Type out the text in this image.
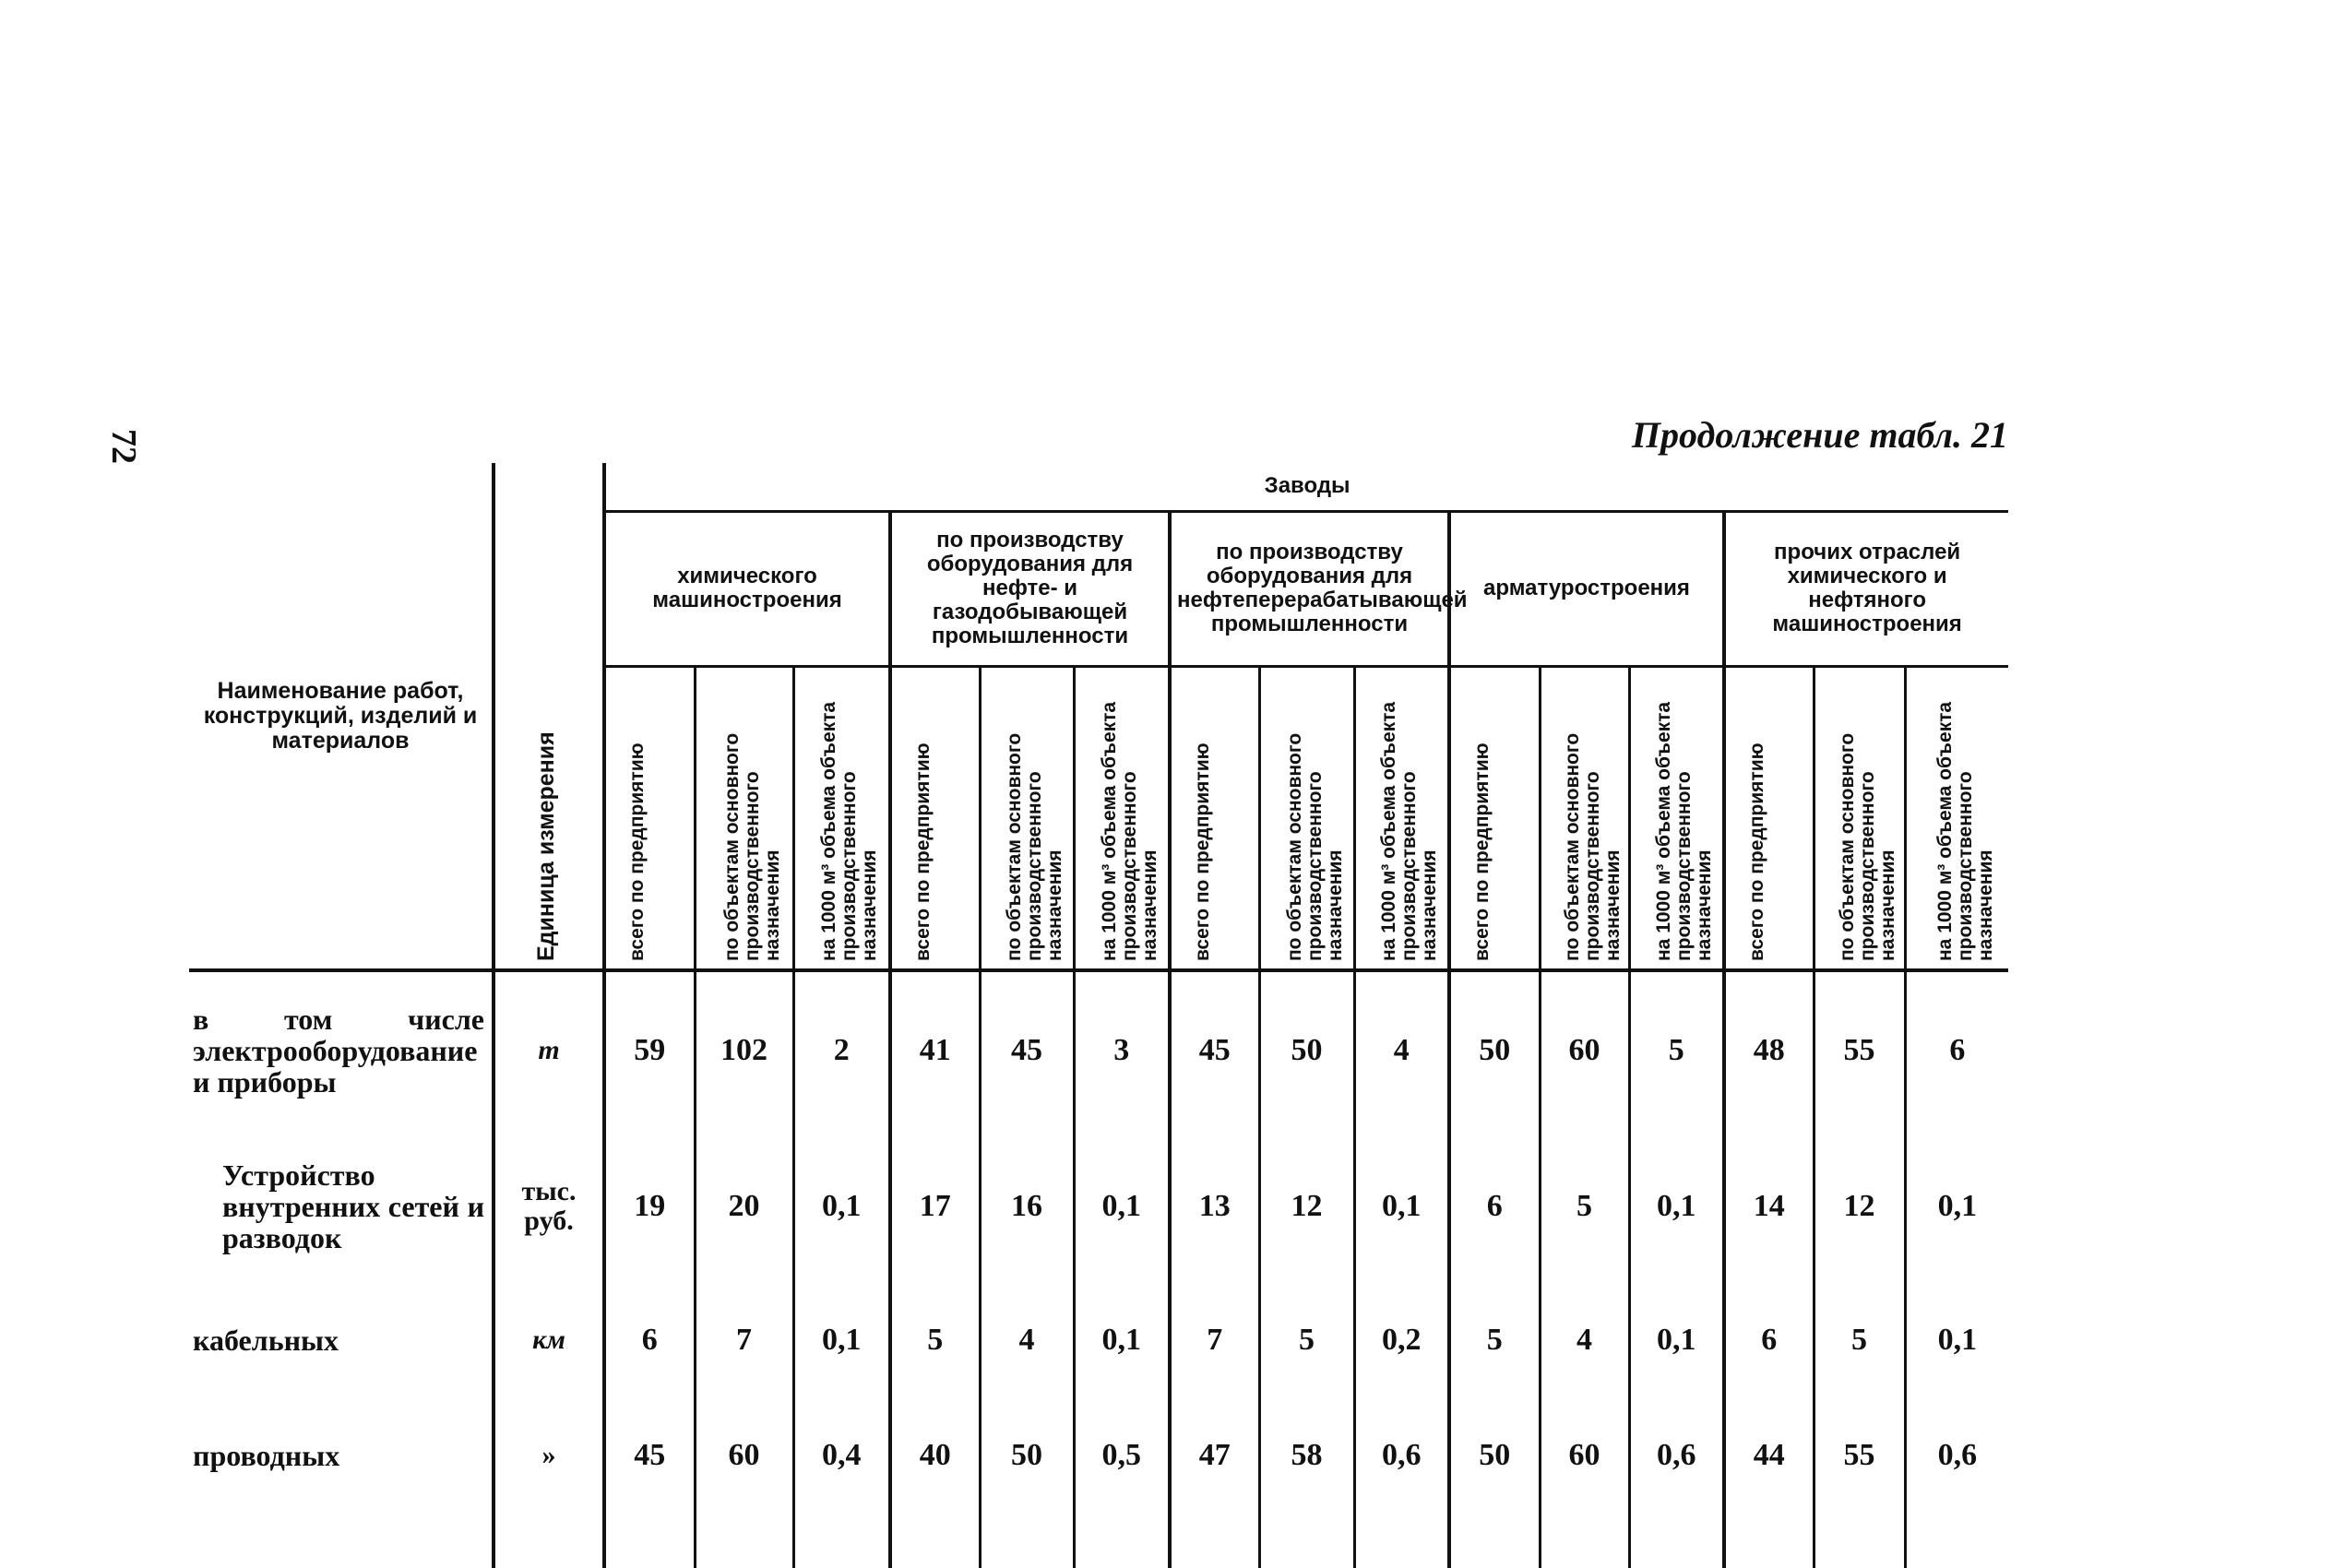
72	Продолжение табл. 21
Наименование работ, конструкций, изделий и материалов	Единица измерения	Заводы														
		химического машиностроения			по производству оборудования для нефте- и газодобывающей промышленности			по производству оборудования для нефтеперерабатывающей промышленности			арматуростроения			прочих отраслей химического и нефтяного машиностроения		

		всего по предприятию	по объектам основного производственного назначения	на 1000 м³ объема объекта производственного назначения	всего по предприятию	по объектам основного производственного назначения	на 1000 м³ объема объекта производственного назначения	всего по предприятию	по объектам основного производственного назначения	на 1000 м³ объема объекта производственного назначения	всего по предприятию	по объектам основного производственного назначения	на 1000 м³ объема объекта производственного назначения	всего по предприятию	по объектам основного производственного назначения	на 1000 м³ объема объекта производственного назначения

в том числе электрооборудование и приборы	т	59	102	2	41	45	3	45	50	4	50	60	5	48	55	6
Устройство внутренних сетей и разводок	тыс. руб.	19	20	0,1	17	16	0,1	13	12	0,1	6	5	0,1	14	12	0,1
кабельных	км	6	7	0,1	5	4	0,1	7	5	0,2	5	4	0,1	6	5	0,1
проводных	»	45	60	0,4	40	50	0,5	47	58	0,6	50	60	0,6	44	55	0,6
